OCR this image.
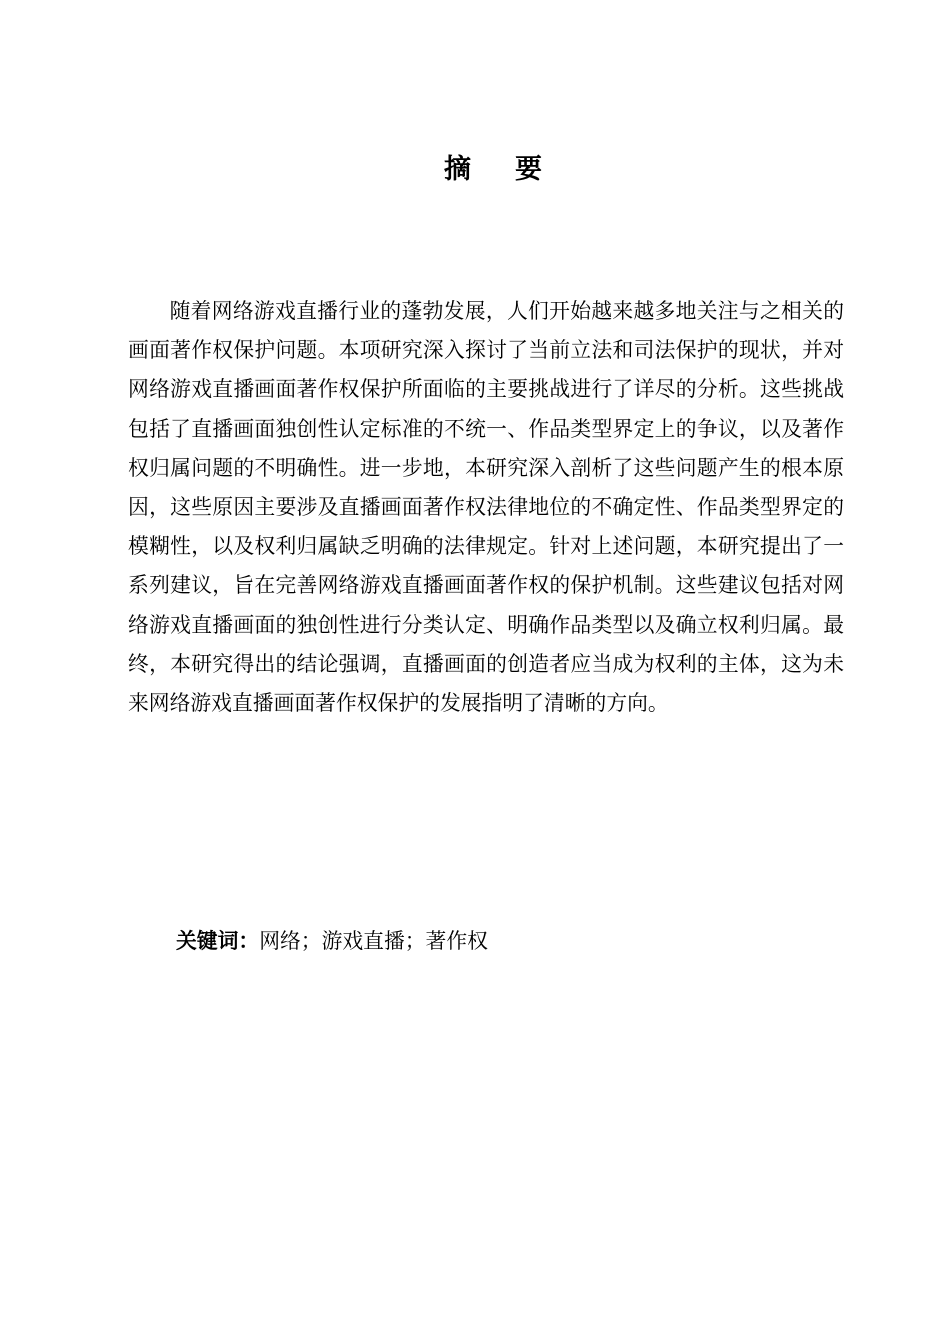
摘 要

随着网络游戏直播行业的蓬勃发展，人们开始越来越多地关注与之相关的画面著作权保护问题。本项研究深入探讨了当前立法和司法保护的现状，并对网络游戏直播画面著作权保护所面临的主要挑战进行了详尽的分析。这些挑战包括了直播画面独创性认定标准的不统一、作品类型界定上的争议，以及著作权归属问题的不明确性。进一步地，本研究深入剖析了这些问题产生的根本原因，这些原因主要涉及直播画面著作权法律地位的不确定性、作品类型界定的模糊性，以及权利归属缺乏明确的法律规定。针对上述问题，本研究提出了一系列建议，旨在完善网络游戏直播画面著作权的保护机制。这些建议包括对网络游戏直播画面的独创性进行分类认定、明确作品类型以及确立权利归属。最终，本研究得出的结论强调，直播画面的创造者应当成为权利的主体，这为未来网络游戏直播画面著作权保护的发展指明了清晰的方向。

关键词：网络；游戏直播；著作权
